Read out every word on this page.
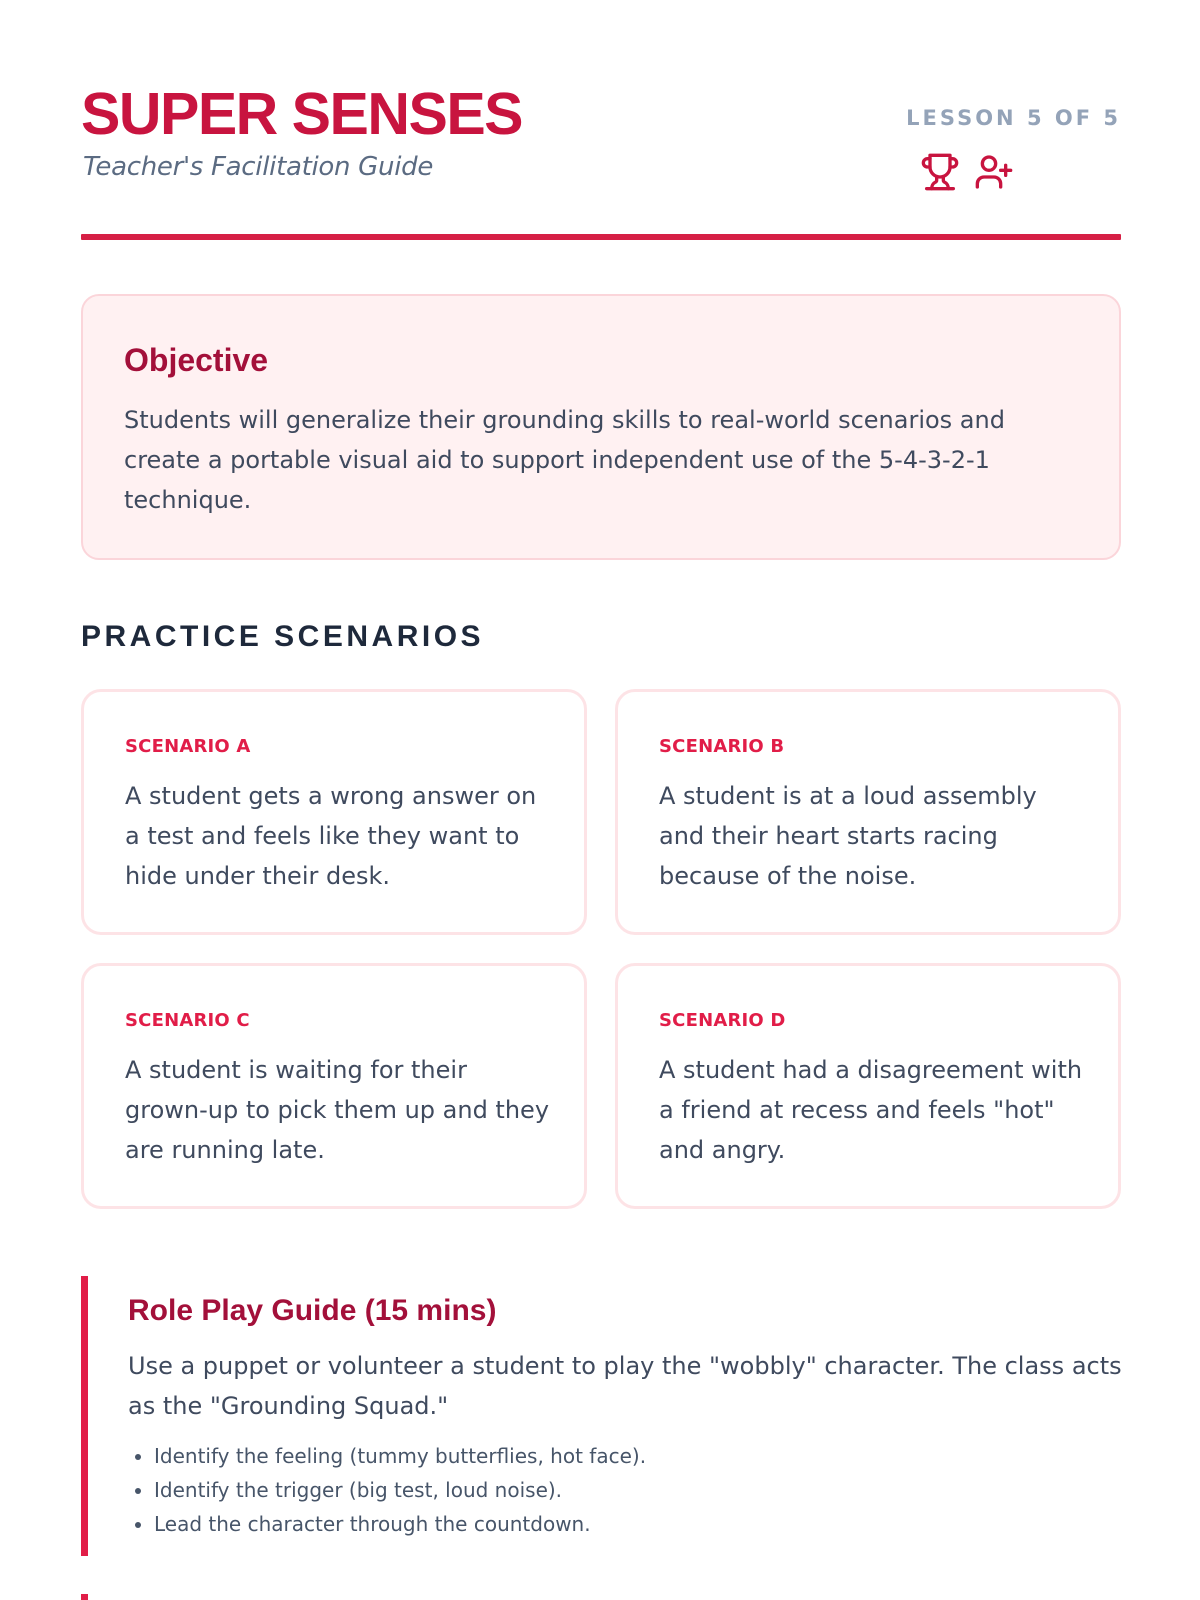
SUPER SENSES
Teacher's Facilitation Guide
LESSON 5 OF 5
Objective

Students will generalize their grounding skills to real-world scenarios and create a portable visual aid to support independent use of the 5-4-3-2-1 technique.

PRACTICE SCENARIOS
SCENARIO A
A student gets a wrong answer on a test and feels like they want to hide under their desk.
SCENARIO B
A student is at a loud assembly and their heart starts racing because of the noise.
SCENARIO C
A student is waiting for their grown-up to pick them up and they are running late.
SCENARIO D
A student had a disagreement with a friend at recess and feels "hot" and angry.
Role Play Guide (15 mins)

Use a puppet or volunteer a student to play the "wobbly" character. The class acts as the "Grounding Squad."

• Identify the feeling (tummy butterflies, hot face).
• Identify the trigger (big test, loud noise).
• Lead the character through the countdown.
